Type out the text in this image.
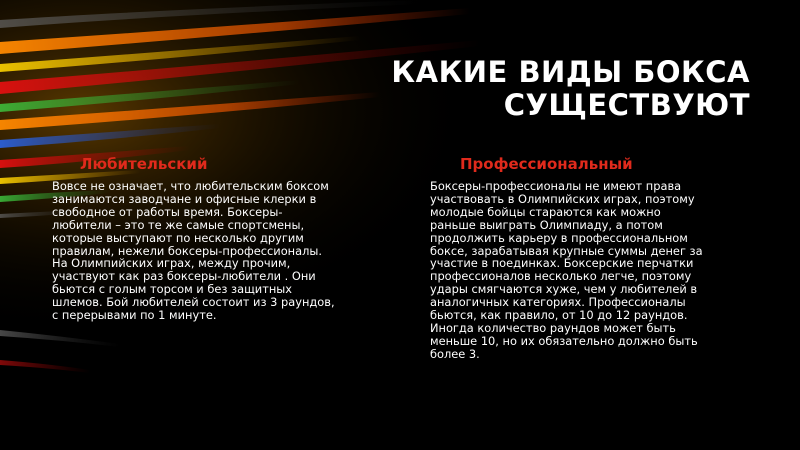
КАКИЕ ВИДЫ БОКСА
СУЩЕСТВУЮТ
Любительский	Профессиональный
Вовсе не означает, что любительским боксом занимаются заводчане и офисные клерки в свободное от работы время. Боксеры-любители – это те же самые спортсмены, которые выступают по несколько другим правилам, нежели боксеры-профессионалы. На Олимпийских играх, между прочим, участвуют как раз боксеры-любители . Они бьются с голым торсом и без защитных шлемов. Бой любителей состоит из 3 раундов, с перерывами по 1 минуте.
Боксеры-профессионалы не имеют права участвовать в Олимпийских играх, поэтому молодые бойцы стараются как можно раньше выиграть Олимпиаду, а потом продолжить карьеру в профессиональном боксе, зарабатывая крупные суммы денег за участие в поединках. Боксерские перчатки профессионалов несколько легче, поэтому удары смягчаются хуже, чем у любителей в аналогичных категориях. Профессионалы бьются, как правило, от 10 до 12 раундов. Иногда количество раундов может быть меньше 10, но их обязательно должно быть более 3.
